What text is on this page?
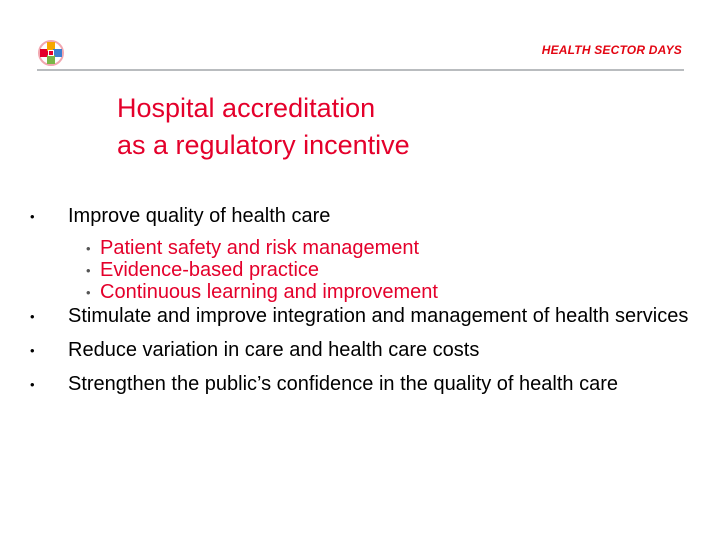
HEALTH SECTOR DAYS
Hospital accreditation
as a regulatory incentive
• Improve quality of health care
• Patient safety and risk management
• Evidence-based practice
• Continuous learning and improvement
• Stimulate and improve integration and management of health services
• Reduce variation in care and health care costs
• Strengthen the public’s confidence in the quality of health care
